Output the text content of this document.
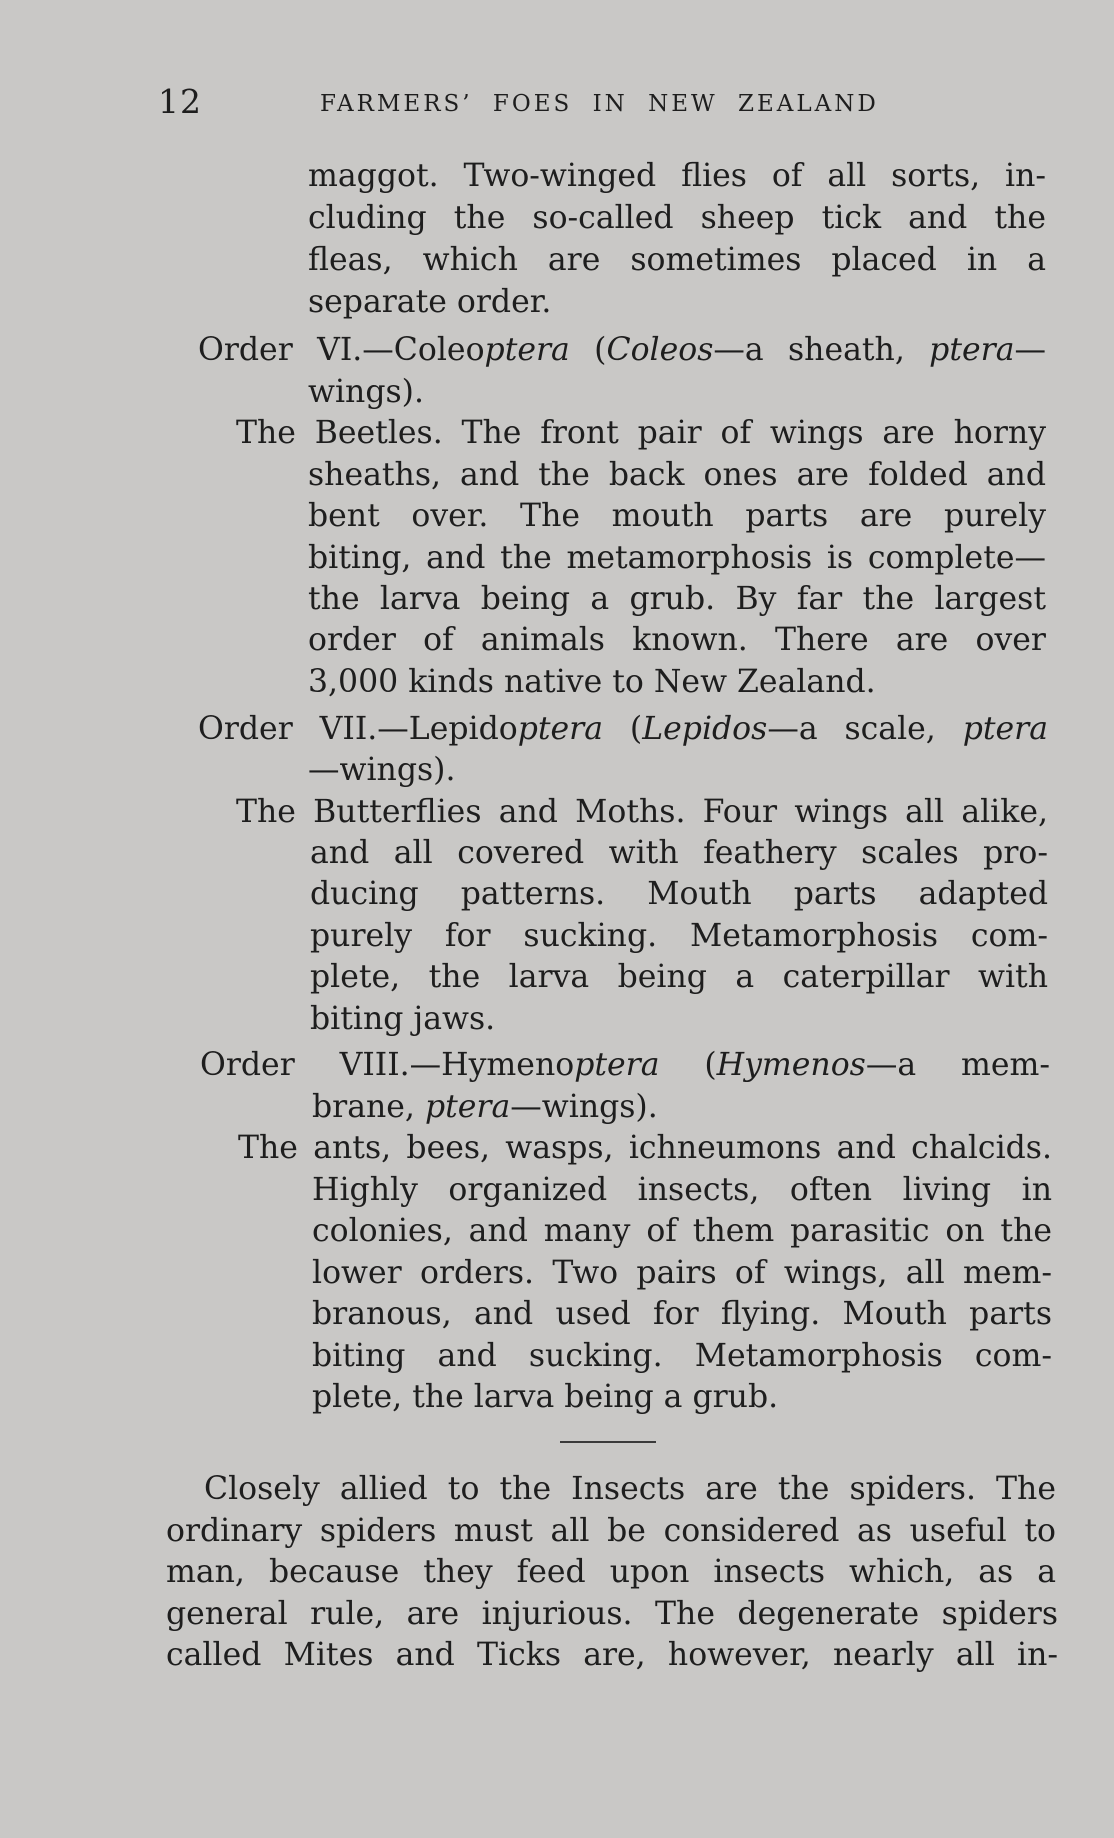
12	FARMERS’ FOES IN NEW ZEALAND
maggot. Two-winged flies of all sorts, in-
cluding the so-called sheep tick and the
fleas, which are sometimes placed in a
separate order.
Order VI.—Coleoptera (Coleos—a sheath, ptera—
wings).
The Beetles. The front pair of wings are horny
sheaths, and the back ones are folded and
bent over. The mouth parts are purely
biting, and the metamorphosis is complete—
the larva being a grub. By far the largest
order of animals known. There are over
3,000 kinds native to New Zealand.
Order VII.—Lepidoptera (Lepidos—a scale, ptera
—wings).
The Butterflies and Moths. Four wings all alike,
and all covered with feathery scales pro-
ducing patterns. Mouth parts adapted
purely for sucking. Metamorphosis com-
plete, the larva being a caterpillar with
biting jaws.
Order VIII.—Hymenoptera (Hymenos—a mem-
brane, ptera—wings).
The ants, bees, wasps, ichneumons and chalcids.
Highly organized insects, often living in
colonies, and many of them parasitic on the
lower orders. Two pairs of wings, all mem-
branous, and used for flying. Mouth parts
biting and sucking. Metamorphosis com-
plete, the larva being a grub.
Closely allied to the Insects are the spiders. The
ordinary spiders must all be considered as useful to
man, because they feed upon insects which, as a
general rule, are injurious. The degenerate spiders
called Mites and Ticks are, however, nearly all in-
